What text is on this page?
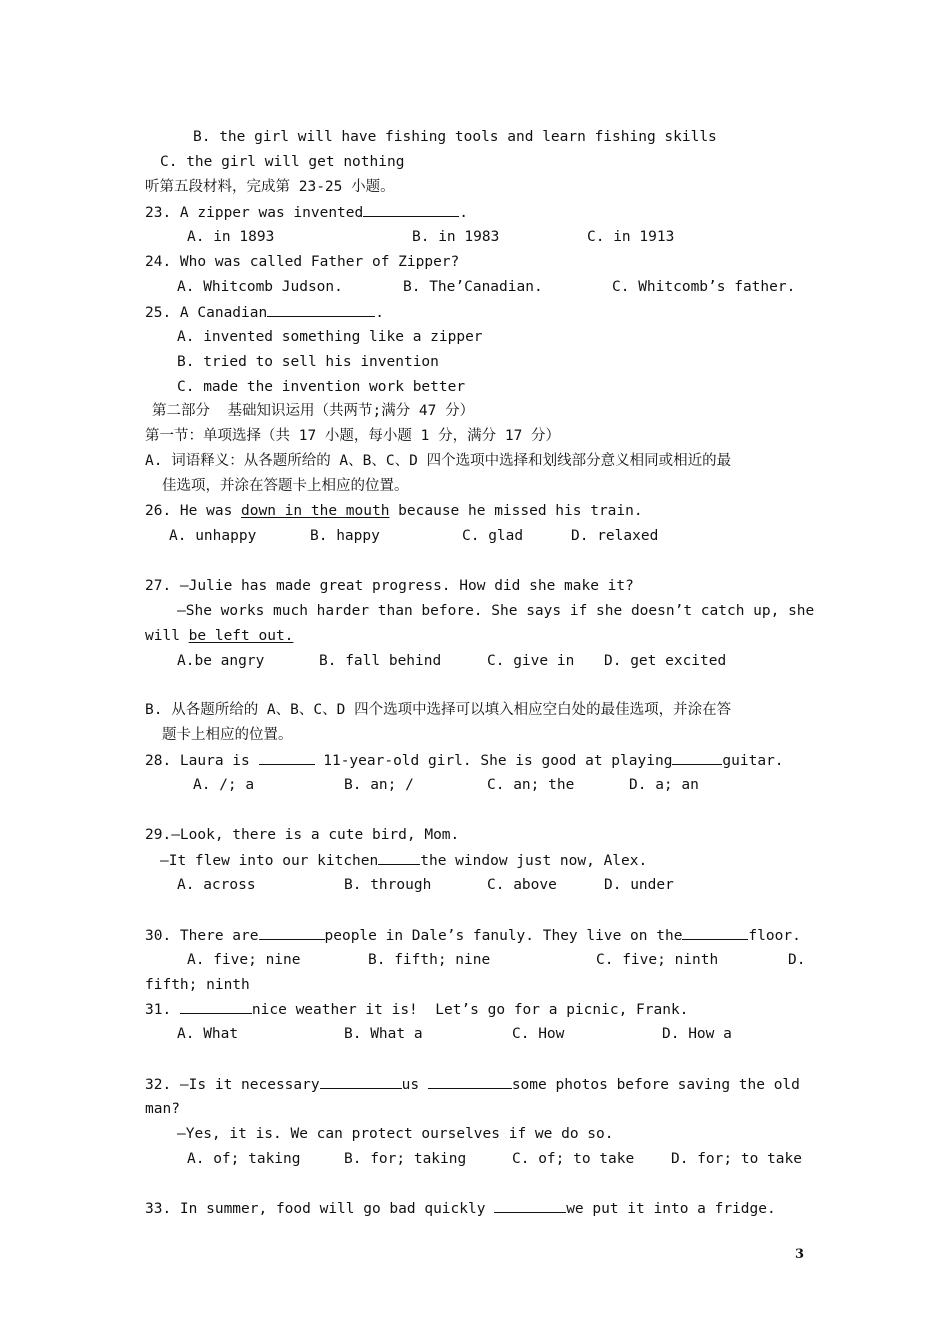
B. the girl will have fishing tools and learn fishing skills
C. the girl will get nothing
听第五段材料，完成第 23-25 小题。
23. A zipper was invented	.
A. in 1893	B. in 1983	C. in 1913
24. Who was called Father of Zipper?
A. Whitcomb Judson.	B. The’Canadian.	C. Whitcomb’s father.
25. A Canadian	.
A. invented something like a zipper
B. tried to sell his invention
C. made the invention work better
第二部分  基础知识运用（共两节;满分 47 分）
第一节：单项选择（共 17 小题，每小题 1 分，满分 17 分）
A. 词语释义：从各题所给的 A、B、C、D 四个选项中选择和划线部分意义相同或相近的最
佳选项，并涂在答题卡上相应的位置。
26. He was down in the mouth because he missed his train.
A. unhappy	B. happy	C. glad	D. relaxed
27. —Julie has made great progress. How did she make it?
—She works much harder than before. She says if she doesn’t catch up, she
will be left out.
A.be angry	B. fall behind	C. give in D. get excited
B. 从各题所给的 A、B、C、D 四个选项中选择可以填入相应空白处的最佳选项，并涂在答
题卡上相应的位置。
28. Laura is	11-year-old girl. She is good at playing	guitar.
A. /; a	B. an; /	C. an; the	D. a; an
29.—Look, there is a cute bird, Mom.
—It flew into our kitchen	the window just now, Alex.
A. across	B. through	C. above	D. under
30. There are	people in Dale’s fanuly. They live on the	floor.
A. five; nine	B. fifth; nine	C. five; ninth	D.
fifth; ninth
31.	nice weather it is!  Let’s go for a picnic, Frank.
A. What	B. What a	C. How	D. How a
32. —Is it necessary	us	some photos before saving the old
man?
—Yes, it is. We can protect ourselves if we do so.
A. of; taking	B. for; taking	C. of; to take	D. for; to take
33. In summer, food will go bad quickly	we put it into a fridge.
3
